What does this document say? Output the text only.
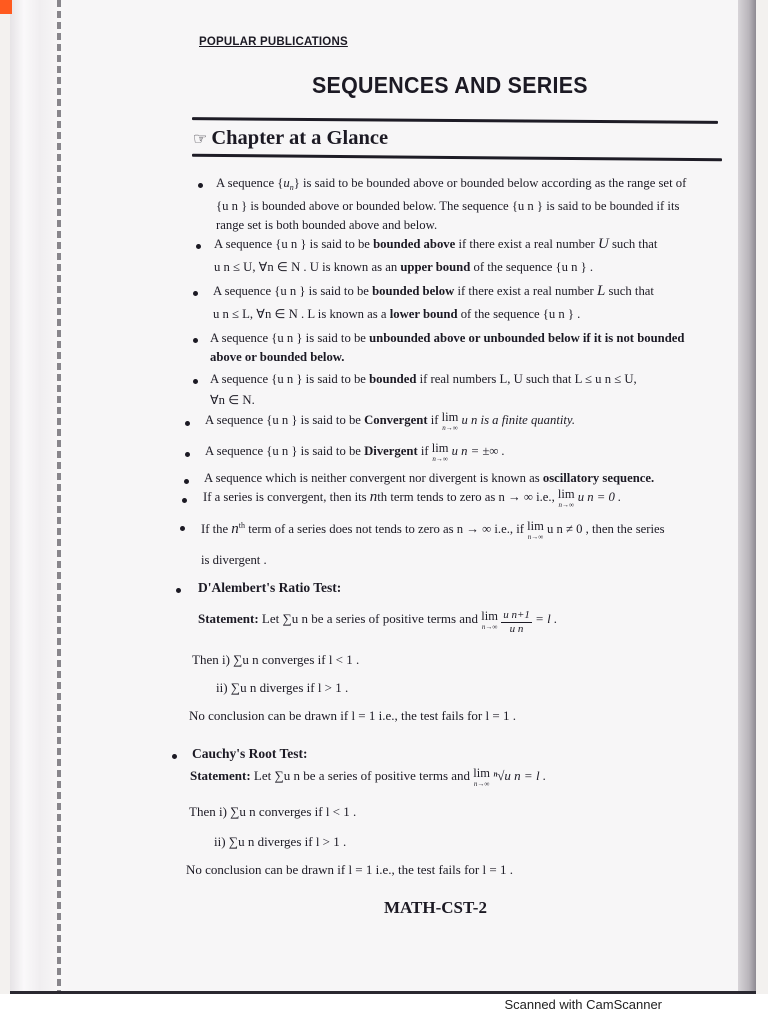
POPULAR PUBLICATIONS
SEQUENCES AND SERIES
☞ Chapter at a Glance
A sequence $\{u_n\}$ is said to be bounded above or bounded below according as the range set of
{u n } is bounded above or bounded below. The sequence {u n } is said to be bounded if its
range set is both bounded above and below.
A sequence {u n } is said to be bounded above if there exist a real number U such that
u n ≤ U, ∀n ∈ N . U is known as an upper bound of the sequence {u n } .
A sequence {u n } is said to be bounded below if there exist a real number L such that
u n ≤ L, ∀n ∈ N . L is known as a lower bound of the sequence {u n } .
A sequence {u n } is said to be unbounded above or unbounded below if it is not bounded
above or bounded below.
A sequence {u n } is said to be bounded if real numbers L, U such that L ≤ u n ≤ U,
∀n ∈ N.
A sequence {u n } is said to be Convergent if lim
n→∞
u n is a finite quantity.
A sequence {u n } is said to be Divergent if lim
n→∞
u n = ±∞ .
A sequence which is neither convergent nor divergent is known as oscillatory sequence.
If a series is convergent, then its nth term tends to zero as n → ∞ i.e., lim
n→∞
u n = 0 .
If the $n^{th}$ term of a series does not tends to zero as n → ∞ i.e., if lim
n→∞
u n ≠ 0 , then the series
is divergent .
D'Alembert's Ratio Test:
Statement: Let ∑u n be a series of positive terms and lim
n→∞
$\frac{\text{u n+1}}{\text{u n}} = l$ .
Then i) ∑u n converges if l < 1 .
ii) ∑u n diverges if l > 1 .
No conclusion can be drawn if l = 1 i.e., the test fails for l = 1 .
Cauchy's Root Test:
Statement: Let ∑u n be a series of positive terms and lim
n→∞
ⁿ√u n = l .
Then i) ∑u n converges if l < 1 .
ii) ∑u n diverges if l > 1 .
No conclusion can be drawn if l = 1 i.e., the test fails for l = 1 .
MATH-CST-2
Scanned with CamScanner
